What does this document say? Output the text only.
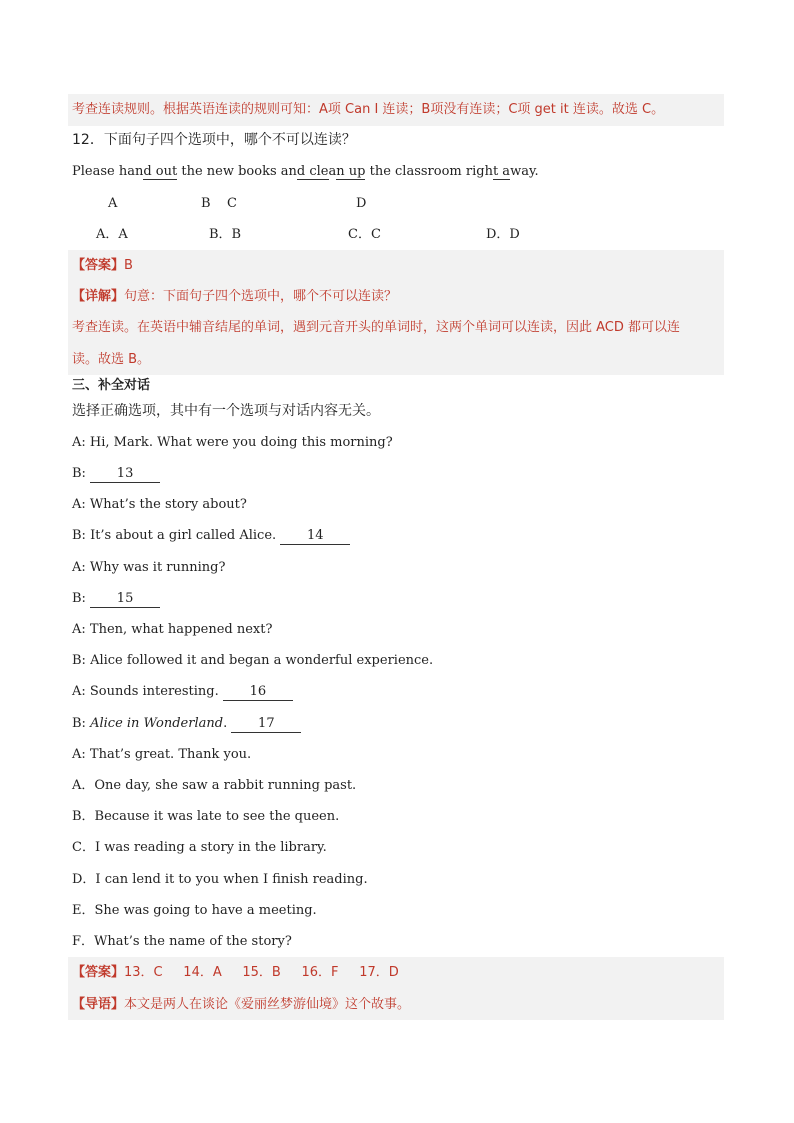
考查连读规则。根据英语连读的规则可知：A项 Can I 连读；B项没有连读；C项 get it 连读。故选 C。
12．下面句子四个选项中，哪个不可以连读？
Please hand out the new books and clean up the classroom right away.
A	B C	D
A．A	B．B	C．C	D．D
【答案】B
【详解】句意：下面句子四个选项中，哪个不可以连读？
考查连读。在英语中辅音结尾的单词，遇到元音开头的单词时，这两个单词可以连读，因此 ACD 都可以连
读。故选 B。
三、补全对话
选择正确选项，其中有一个选项与对话内容无关。
A: Hi, Mark. What were you doing this morning?
B: 13
A: What’s the story about?
B: It’s about a girl called Alice. 14
A: Why was it running?
B: 15
A: Then, what happened next?
B: Alice followed it and began a wonderful experience.
A: Sounds interesting. 16
B: Alice in Wonderland. 17
A: That’s great. Thank you.
A．One day, she saw a rabbit running past.
B．Because it was late to see the queen.
C．I was reading a story in the library.
D．I can lend it to you when I finish reading.
E．She was going to have a meeting.
F．What’s the name of the story?
【答案】13．C     14．A     15．B     16．F     17．D
【导语】本文是两人在谈论《爱丽丝梦游仙境》这个故事。
